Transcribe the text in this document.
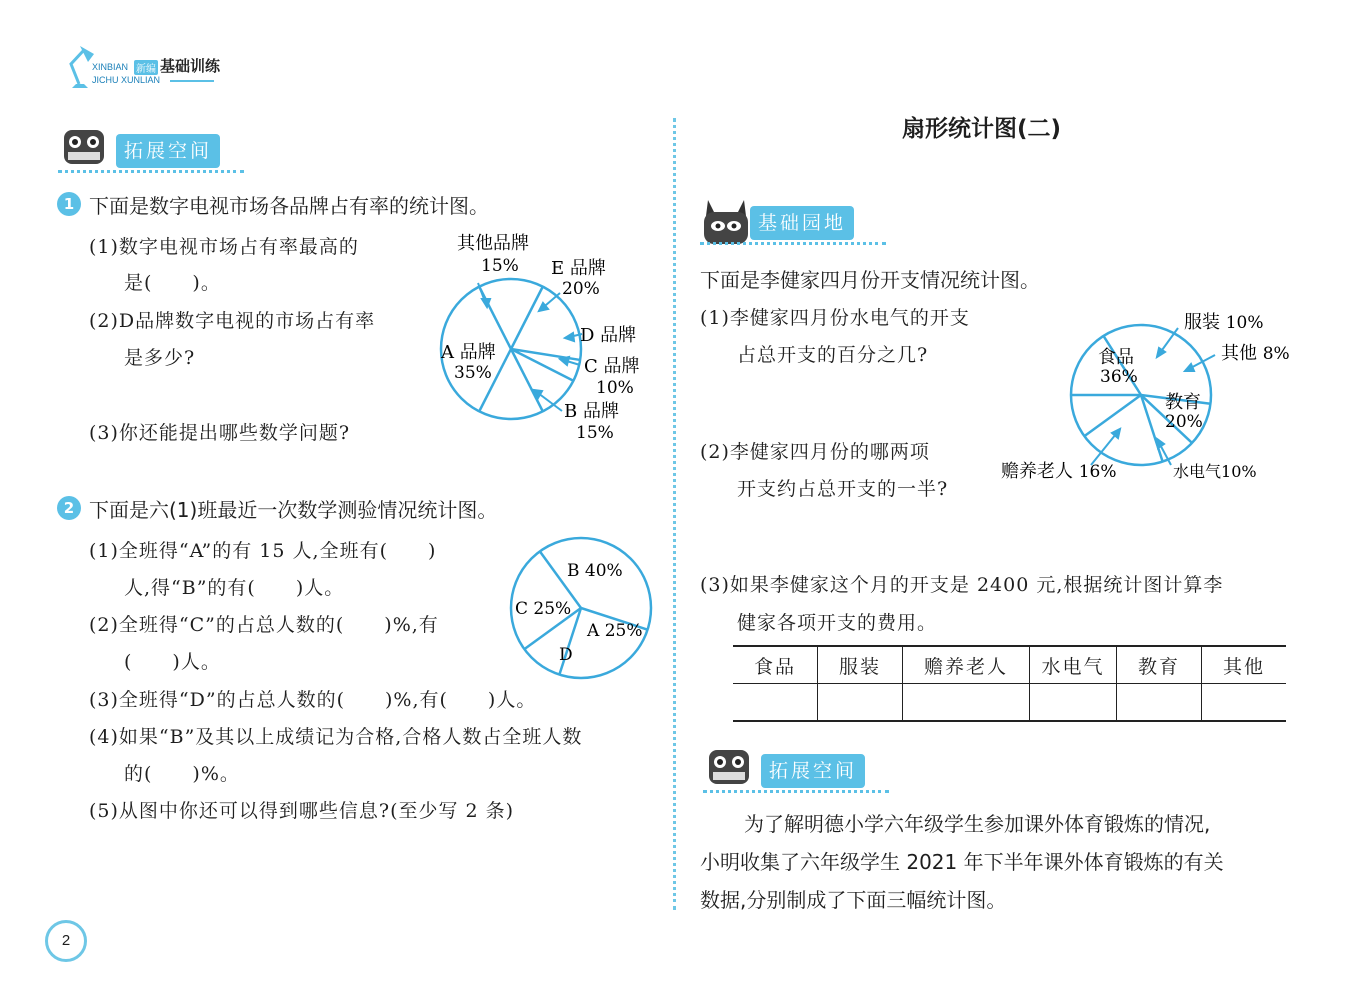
XINBIAN 新编 基础训练
JICHU XUNLIAN
拓展空间
1 下面是数字电视市场各品牌占有率的统计图。
(1)数字电视市场占有率最高的
是(　　)。
(2)D品牌数字电视的市场占有率
是多少?
(3)你还能提出哪些数学问题?
其他品牌
15% E 品牌
20%
D 品牌
C 品牌
10%
B 品牌
15%
A 品牌
35%
2 下面是六(1)班最近一次数学测验情况统计图。
(1)全班得“A”的有 15 人,全班有(　　)
人,得“B”的有(　　)人。
(2)全班得“C”的占总人数的(　　)%,有
(　　)人。
(3)全班得“D”的占总人数的(　　)%,有(　　)人。
(4)如果“B”及其以上成绩记为合格,合格人数占全班人数
的(　　)%。
(5)从图中你还可以得到哪些信息?(至少写 2 条)
B 40%
A 25%
D
C 25%
2
扇形统计图(二)
基础园地
下面是李健家四月份开支情况统计图。
(1)李健家四月份水电气的开支
占总开支的百分之几?
(2)李健家四月份的哪两项
开支约占总开支的一半?
食品
36%
服装 10%
其他 8%
教育
20%
水电气10%
赡养老人 16%
(3)如果李健家这个月的开支是 2400 元,根据统计图计算李
健家各项开支的费用。
食品	服装	赡养老人	水电气	教育	其他

拓展空间
为了解明德小学六年级学生参加课外体育锻炼的情况,
小明收集了六年级学生 2021 年下半年课外体育锻炼的有关
数据,分别制成了下面三幅统计图。
